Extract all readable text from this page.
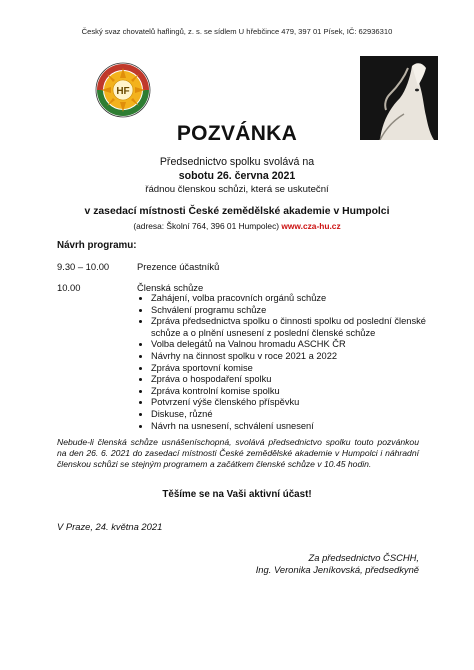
Český svaz chovatelů haflingů, z. s. se sídlem U hřebčince 479, 397 01 Písek, IČ: 62936310
HF
POZVÁNKA
Předsednictvo spolku svolává na
sobotu 26. června 2021
řádnou členskou schůzi, která se uskuteční
v zasedací místnosti České zemědělské akademie v Humpolci
(adresa: Školní 764, 396 01 Humpolec) www.cza-hu.cz
Návrh programu:
9.30 – 10.00	Prezence účastníků
10.00	Členská schůze
• Zahájení, volba pracovních orgánů schůze
• Schválení programu schůze
• Zpráva předsednictva spolku o činnosti spolku od poslední členské schůze a o plnění usnesení z poslední členské schůze
• Volba delegátů na Valnou hromadu ASCHK ČR
• Návrhy na činnost spolku v roce 2021 a 2022
• Zpráva sportovní komise
• Zpráva o hospodaření spolku
• Zpráva kontrolní komise spolku
• Potvrzení výše členského příspěvku
• Diskuse, různé
• Návrh na usnesení, schválení usnesení
Nebude-li členská schůze usnášeníschopná, svolává předsednictvo spolku touto pozvánkou na den 26. 6. 2021 do zasedací místnosti České zemědělské akademie v Humpolci i náhradní členskou schůzi se stejným programem a začátkem členské schůze v 10.45 hodin.
Těšíme se na Vaši aktivní účast!
V Praze, 24. května 2021
Za předsednictvo ČSCHH,
Ing. Veronika Jeníkovská, předsedkyně
